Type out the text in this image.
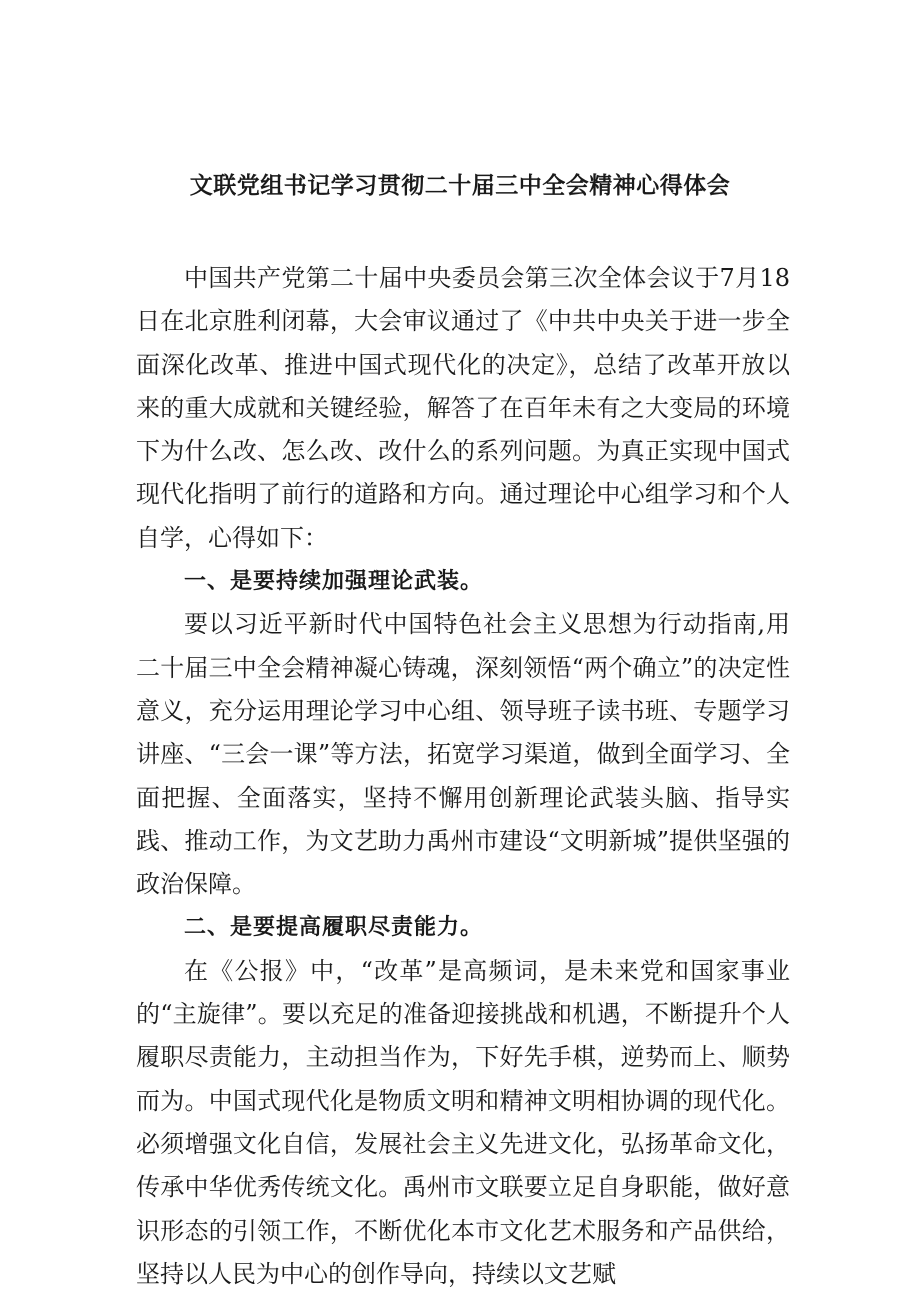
文联党组书记学习贯彻二十届三中全会精神心得体会

中国共产党第二十届中央委员会第三次全体会议于7月18日在北京胜利闭幕，大会审议通过了《中共中央关于进一步全面深化改革、推进中国式现代化的决定》，总结了改革开放以来的重大成就和关键经验，解答了在百年未有之大变局的环境下为什么改、怎么改、改什么的系列问题。为真正实现中国式现代化指明了前行的道路和方向。通过理论中心组学习和个人自学，心得如下：

一、是要持续加强理论武装。

要以习近平新时代中国特色社会主义思想为行动指南,用二十届三中全会精神凝心铸魂，深刻领悟“两个确立”的决定性意义，充分运用理论学习中心组、领导班子读书班、专题学习讲座、“三会一课”等方法，拓宽学习渠道，做到全面学习、全面把握、全面落实，坚持不懈用创新理论武装头脑、指导实践、推动工作，为文艺助力禹州市建设“文明新城”提供坚强的政治保障。

二、是要提高履职尽责能力。

在《公报》中，“改革”是高频词，是未来党和国家事业的“主旋律”。要以充足的准备迎接挑战和机遇，不断提升个人履职尽责能力，主动担当作为，下好先手棋，逆势而上、顺势而为。中国式现代化是物质文明和精神文明相协调的现代化。必须增强文化自信，发展社会主义先进文化，弘扬革命文化，传承中华优秀传统文化。禹州市文联要立足自身职能，做好意识形态的引领工作，不断优化本市文化艺术服务和产品供给，坚持以人民为中心的创作导向，持续以文艺赋
